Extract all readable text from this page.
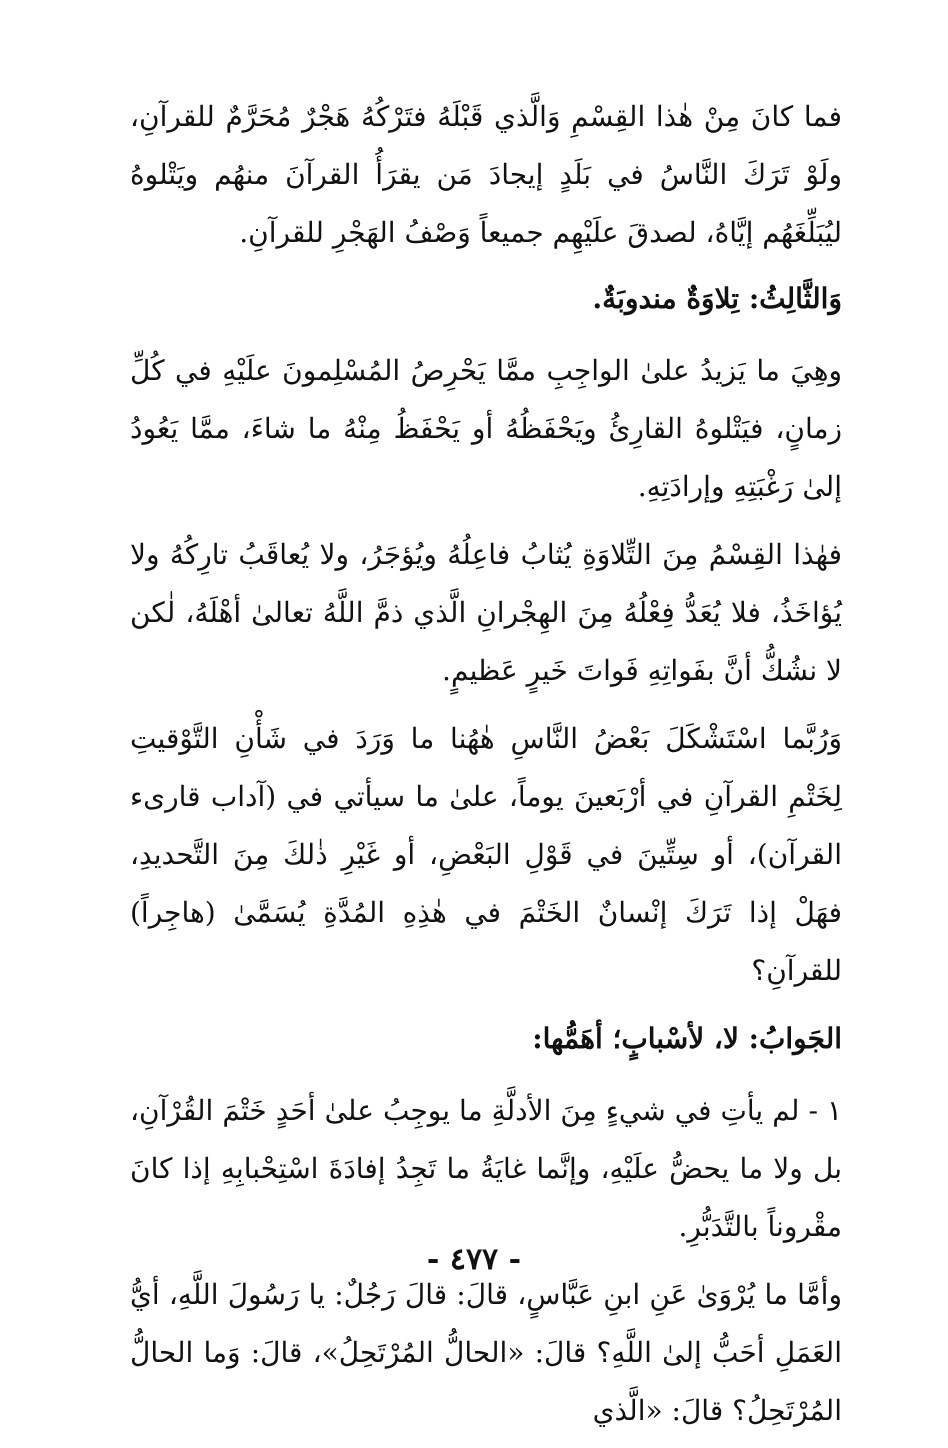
فما كانَ مِنْ هٰذا القِسْمِ وَالَّذي قَبْلَهُ فتَرْكُهُ هَجْرٌ مُحَرَّمٌ للقرآنِ، ولَوْ تَرَكَ النَّاسُ في بَلَدٍ إيجادَ مَن يقرَأُ القرآنَ منهُم ويَتْلوهُ ليُبَلِّغَهُم إيَّاهُ، لصدقَ علَيْهِم جميعاً وَصْفُ الهَجْرِ للقرآنِ.

وَالثَّالِثُ: تِلاوَةٌ مندوبَةٌ.

وهِيَ ما يَزيدُ علىٰ الواجِبِ ممَّا يَحْرِصُ المُسْلِمونَ علَيْهِ في كُلِّ زمانٍ، فيَتْلوهُ القارِئُ ويَحْفَظُهُ أو يَحْفَظُ مِنْهُ ما شاءَ، ممَّا يَعُودُ إلىٰ رَغْبَتِهِ وإرادَتِهِ.

فهٰذا القِسْمُ مِنَ التِّلاوَةِ يُثابُ فاعِلُهُ ويُؤجَرُ، ولا يُعاقَبُ تارِكُهُ ولا يُؤاخَذُ، فلا يُعَدُّ فِعْلُهُ مِنَ الهِجْرانِ الَّذي ذمَّ اللَّهُ تعالىٰ أهْلَهُ، لٰكن لا نشُكُّ أنَّ بفَواتِهِ فَواتَ خَيرٍ عَظيمٍ.

وَرُبَّما اسْتَشْكَلَ بَعْضُ النَّاسِ هٰهُنا ما وَرَدَ في شَأْنِ التَّوْقيتِ لِخَتْمِ القرآنِ في أرْبَعينَ يوماً، علىٰ ما سيأتي في (آداب قارىء القرآن)، أو سِتِّينَ في قَوْلِ البَعْضِ، أو غَيْرِ ذٰلكَ مِنَ التَّحديدِ، فهَلْ إذا تَرَكَ إنْسانٌ الخَتْمَ في هٰذِهِ المُدَّةِ يُسَمَّىٰ (هاجِراً) للقرآنِ؟

الجَوابُ: لا، لأسْبابٍ؛ أهَمُّها:

١ - لم يأتِ في شيءٍ مِنَ الأدلَّةِ ما يوجِبُ علىٰ أحَدٍ خَتْمَ القُرْآنِ، بل ولا ما يحضُّ علَيْهِ، وإنَّما غايَةُ ما تَجِدُ إفادَةَ اسْتِحْبابِهِ إذا كانَ مقْروناً بالتَّدَبُّرِ.

وأمَّا ما يُرْوَىٰ عَنِ ابنِ عَبَّاسٍ، قالَ: قالَ رَجُلٌ: يا رَسُولَ اللَّهِ، أيُّ العَمَلِ أحَبُّ إلىٰ اللَّهِ؟ قالَ: «الحالُّ المُرْتَحِلُ»، قالَ: وَما الحالُّ المُرْتَحِلُ؟ قالَ: «الَّذي

- ٤٧٧ -
